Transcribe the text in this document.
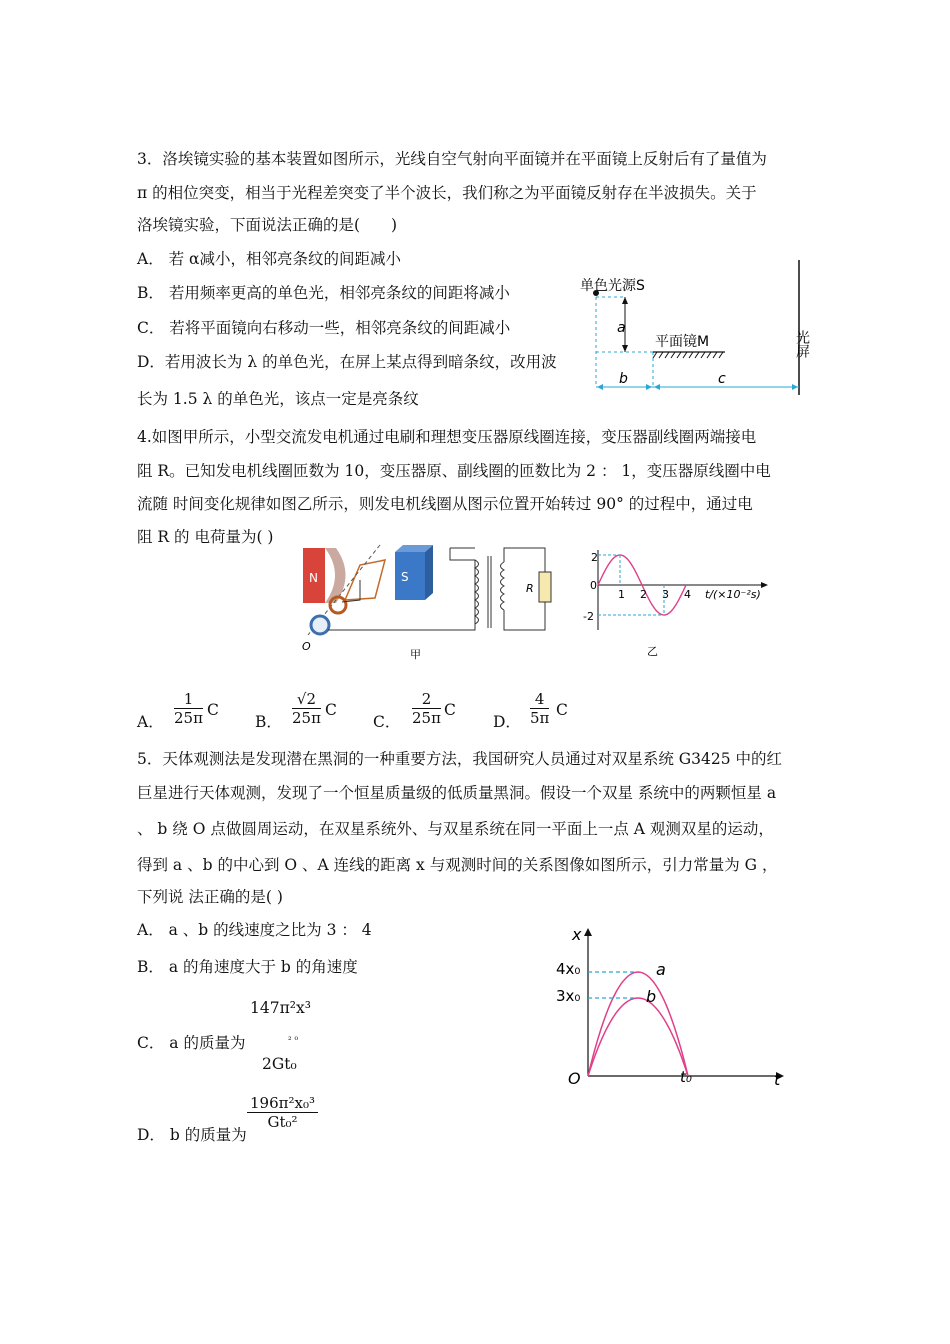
3．洛埃镜实验的基本装置如图所示，光线自空气射向平面镜并在平面镜上反射后有了量值为
π 的相位突变，相当于光程差突变了半个波长，我们称之为平面镜反射存在半波损失。关于
洛埃镜实验，下面说法正确的是(　　)
A． 若 α减小，相邻亮条纹的间距减小
B． 若用频率更高的单色光，相邻亮条纹的间距将减小
C． 若将平面镜向右移动一些，相邻亮条纹的间距减小
D．若用波长为 λ 的单色光，在屏上某点得到暗条纹，改用波
长为 1.5 λ 的单色光，该点一定是亮条纹
单色光源S
a
平面镜M	光屏
b	c
4.如图甲所示，小型交流发电机通过电刷和理想变压器原线圈连接，变压器副线圈两端接电
阻 R。已知发电机线圈匝数为 10，变压器原、副线圈的匝数比为 2 ： 1，变压器原线圈中电
流随 时间变化规律如图乙所示，则发电机线圈从图示位置开始转过 90° 的过程中，通过电
阻 R 的 电荷量为( )
N	S
O
R
甲
2
-2
0
1 2 3 4 t/(×10⁻²s)
乙
A． $\frac{1}{25\pi}$ C
B． $\frac{√2}{25\pi}$ C
C． $\frac{2}{25\pi}$ C
D． $\frac{4}{5\pi}$ C
5．天体观测法是发现潜在黑洞的一种重要方法，我国研究人员通过对双星系统 G3425 中的红
巨星进行天体观测，发现了一个恒星质量级的低质量黑洞。假设一个双星 系统中的两颗恒星 a
、 b 绕 O 点做圆周运动，在双星系统外、与双星系统在同一平面上一点 A 观测双星的运动，
得到 a 、b 的中心到 O 、A 连线的距离 x 与观测时间的关系图像如图所示，引力常量为 G ，
下列说 法正确的是( )
A． a 、b 的线速度之比为 3 ： 4
B． a 的角速度大于 b 的角速度
147π²x³
C． a 的质量为	² ⁰
2Gt₀
$\frac{\text{196π²x₀³}}{\text{Gt₀²}}$
D． b 的质量为
x
t
O
4x₀
3x₀
t₀
a
b
